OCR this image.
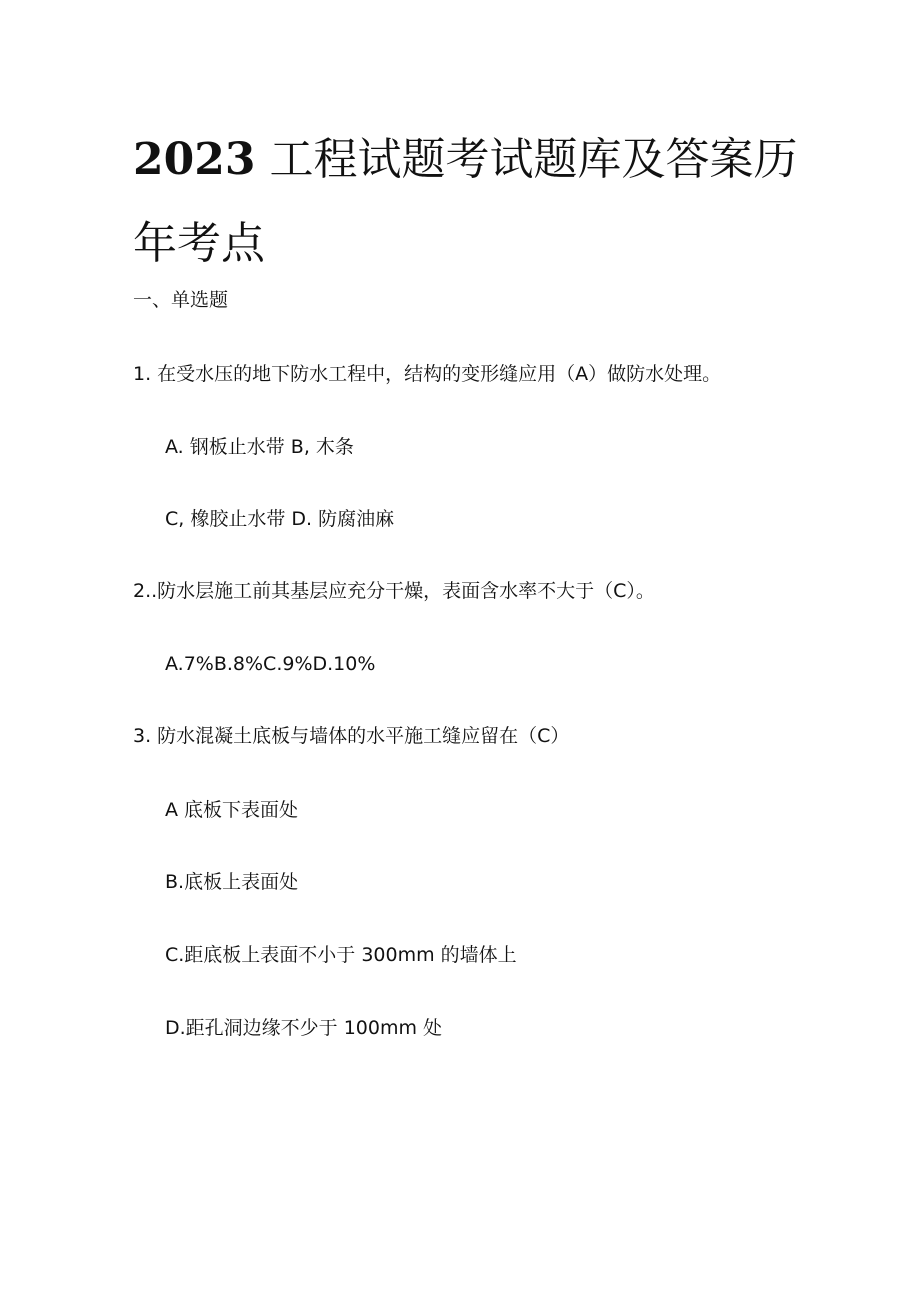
2023 工程试题考试题库及答案历年考点

一、单选题

1. 在受水压的地下防水工程中，结构的变形缝应用（A）做防水处理。

A. 钢板止水带 B, 木条

C, 橡胶止水带 D. 防腐油麻

2..防水层施工前其基层应充分干燥，表面含水率不大于（C）。

A.7%B.8%C.9%D.10%

3. 防水混凝土底板与墙体的水平施工缝应留在（C）

A 底板下表面处

B.底板上表面处

C.距底板上表面不小于 300mm 的墙体上

D.距孔洞边缘不少于 100mm 处
